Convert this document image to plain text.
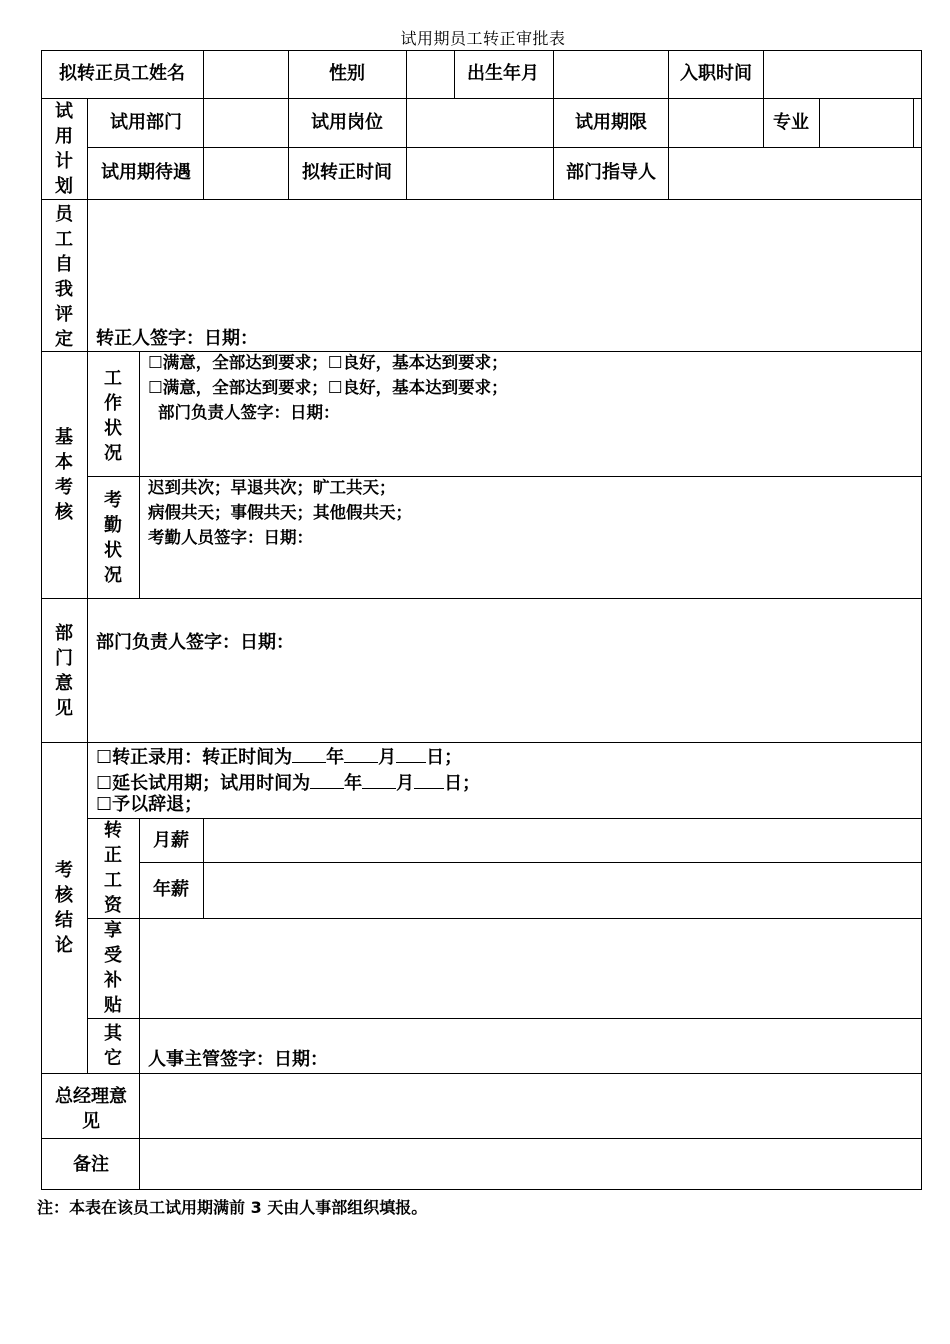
试用期员工转正审批表
拟转正员工姓名	性别	出生年月	入职时间
试用计划
试用部门	试用岗位	试用期限	专业
试用期待遇	拟转正时间	部门指导人
员工自我评定 转正人签字：日期：
基本考核
工作状况
☐满意，全部达到要求；☐良好，基本达到要求；
☐满意，全部达到要求；☐良好，基本达到要求；
部门负责人签字：日期：
考勤状况
迟到共次；早退共次；旷工共天；
病假共天；事假共天；其他假共天；
考勤人员签字：日期：
部门意见
部门负责人签字：日期：
考核结论
☐转正录用：转正时间为 年 月 日；
☐延长试用期；试用时间为 年 月 日；
☐予以辞退；
转正工资
月薪
年薪
享受补贴
其它 人事主管签字：日期：
总经理意见
备注
注：本表在该员工试用期满前 3 天由人事部组织填报。
